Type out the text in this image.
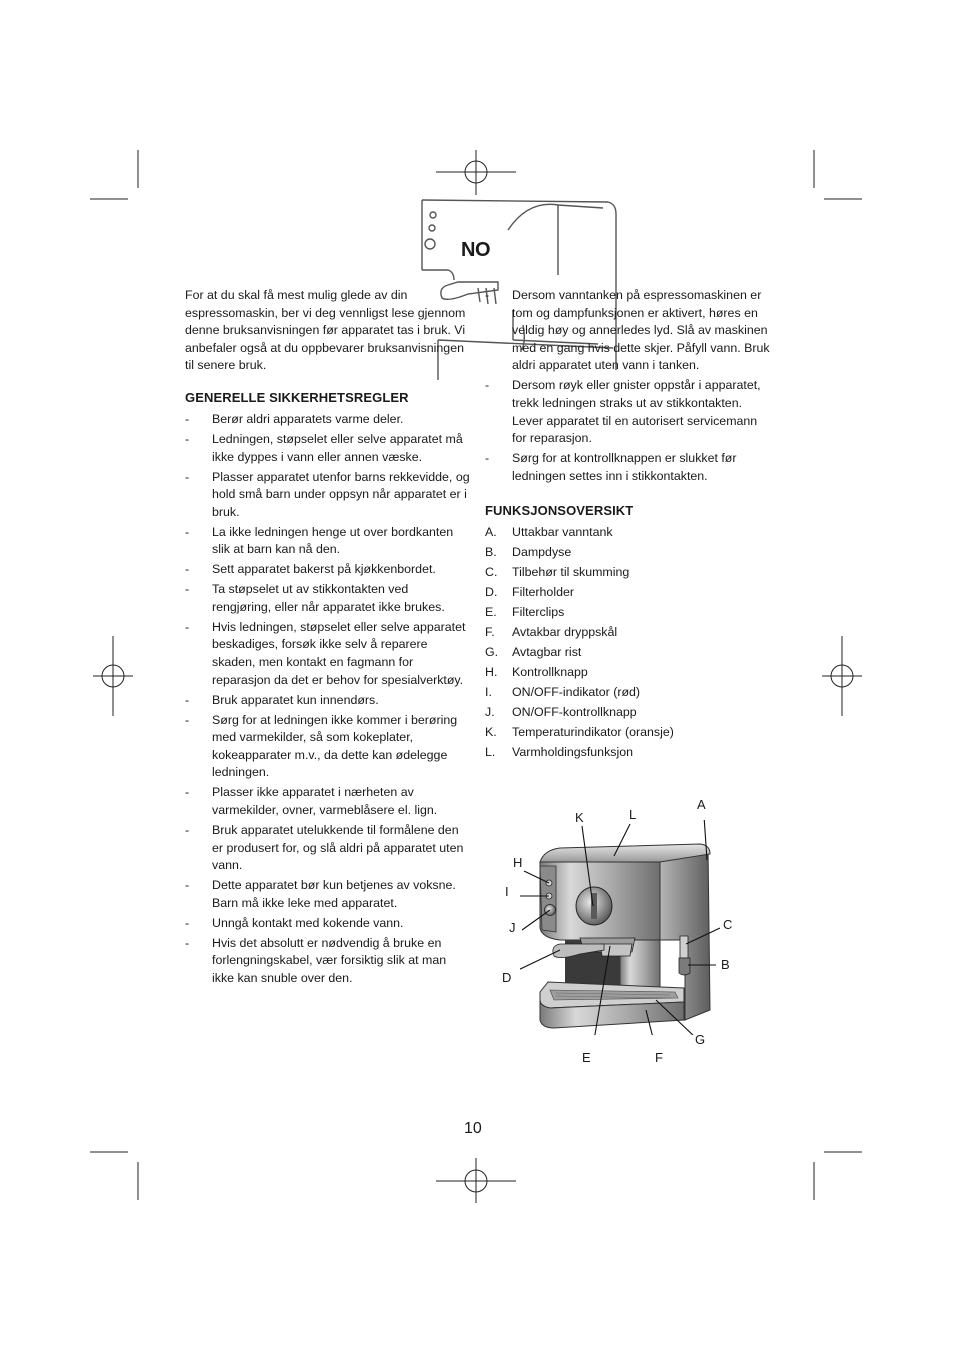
NO

For at du skal få mest mulig glede av din espressomaskin, ber vi deg vennligst lese gjennom denne bruksanvisningen før apparatet tas i bruk. Vi anbefaler også at du oppbevarer bruksanvisningen til senere bruk.

GENERELLE SIKKERHETSREGLER
- Berør aldri apparatets varme deler.
- Ledningen, støpselet eller selve apparatet må ikke dyppes i vann eller annen væske.
- Plasser apparatet utenfor barns rekkevidde, og hold små barn under oppsyn når apparatet er i bruk.
- La ikke ledningen henge ut over bordkanten slik at barn kan nå den.
- Sett apparatet bakerst på kjøkkenbordet.
- Ta støpselet ut av stikkontakten ved rengjøring, eller når apparatet ikke brukes.
- Hvis ledningen, støpselet eller selve apparatet beskadiges, forsøk ikke selv å reparere skaden, men kontakt en fagmann for reparasjon da det er behov for spesialverktøy.
- Bruk apparatet kun innendørs.
- Sørg for at ledningen ikke kommer i berøring med varmekilder, så som kokeplater, kokeapparater m.v., da dette kan ødelegge ledningen.
- Plasser ikke apparatet i nærheten av varmekilder, ovner, varmeblåsere el. lign.
- Bruk apparatet utelukkende til formålene den er produsert for, og slå aldri på apparatet uten vann.
- Dette apparatet bør kun betjenes av voksne. Barn må ikke leke med apparatet.
- Unngå kontakt med kokende vann.
- Hvis det absolutt er nødvendig å bruke en forlengningskabel, vær forsiktig slik at man ikke kan snuble over den.
- Dersom vanntanken på espressomaskinen er tom og dampfunksjonen er aktivert, høres en veldig høy og annerledes lyd. Slå av maskinen med en gang hvis dette skjer. Påfyll vann. Bruk aldri apparatet uten vann i tanken.
- Dersom røyk eller gnister oppstår i apparatet, trekk ledningen straks ut av stikkontakten. Lever apparatet til en autorisert servicemann for reparasjon.
- Sørg for at kontrollknappen er slukket før ledningen settes inn i stikkontakten.
FUNKSJONSOVERSIKT
A. Uttakbar vanntank
B. Dampdyse
C. Tilbehør til skumming
D. Filterholder
E. Filterclips
F. Avtakbar dryppskål
G. Avtagbar rist
H. Kontrollknapp
I. ON/OFF-indikator (rød)
J. ON/OFF-kontrollknapp
K. Temperaturindikator (oransje)
L. Varmholdingsfunksjon
A
K	L
H
I
J	C
B
D
G
E	F
10
